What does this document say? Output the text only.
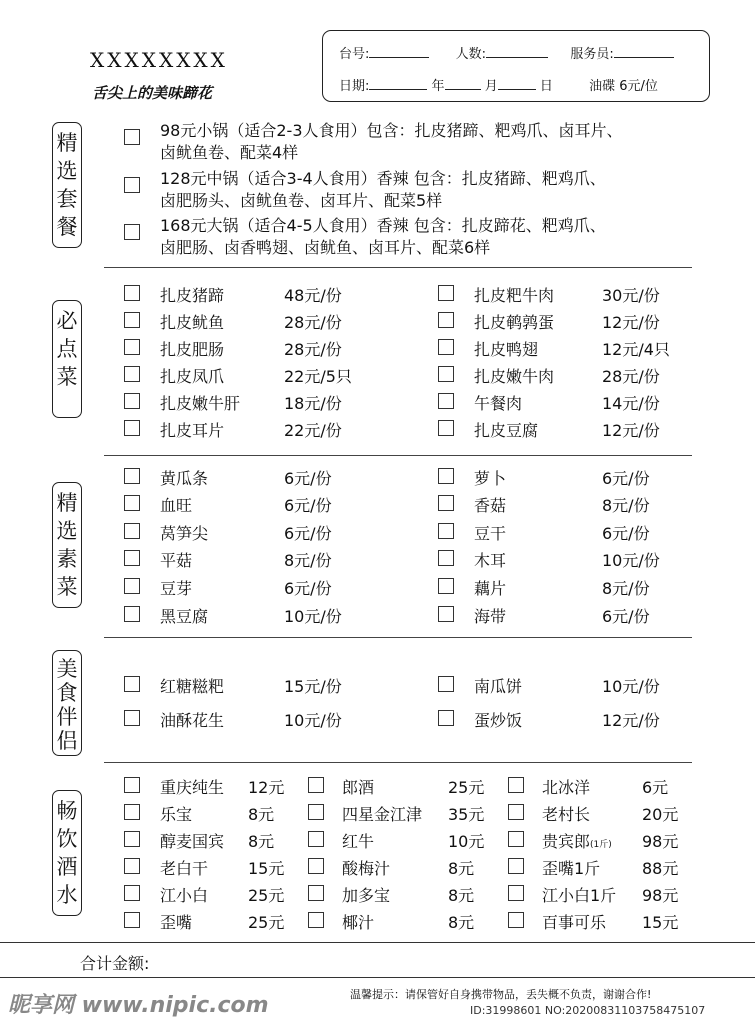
XXXXXXXX
舌尖上的美味蹄花
台号:	人数:	服务员:
日期:	年	月	日	油碟 6元/位
精选套餐
必点菜
精选素菜
美食伴侣
畅饮酒水
98元小锅（适合2-3人食用）包含：扎皮猪蹄、粑鸡爪、卤耳片、
卤鱿鱼卷、配菜4样
128元中锅（适合3-4人食用）香辣 包含：扎皮猪蹄、粑鸡爪、
卤肥肠头、卤鱿鱼卷、卤耳片、配菜5样
168元大锅（适合4-5人食用）香辣 包含：扎皮蹄花、粑鸡爪、
卤肥肠、卤香鸭翅、卤鱿鱼、卤耳片、配菜6样
扎皮猪蹄	48元/份	扎皮粑牛肉	30元/份
扎皮鱿鱼	28元/份	扎皮鹌鹑蛋	12元/份
扎皮肥肠	28元/份	扎皮鸭翅	12元/4只
扎皮凤爪	22元/5只	扎皮嫩牛肉	28元/份
扎皮嫩牛肝	18元/份	午餐肉	14元/份
扎皮耳片	22元/份	扎皮豆腐	12元/份
黄瓜条	6元/份	萝卜	6元/份
血旺	6元/份	香菇	8元/份
莴笋尖	6元/份	豆干	6元/份
平菇	8元/份	木耳	10元/份
豆芽	6元/份	藕片	8元/份
黑豆腐	10元/份	海带	6元/份
红糖糍粑	15元/份	南瓜饼	10元/份
油酥花生	10元/份	蛋炒饭	12元/份
重庆纯生 12元	郎酒	25元	北冰洋	6元
乐宝	8元	四星金江津 35元	老村长	20元
醇麦国宾 8元	红牛	10元	贵宾郎(1斤) 98元
老白干 15元	酸梅汁	8元	歪嘴1斤	88元
江小白 25元	加多宝	8元	江小白1斤 98元
歪嘴	25元	椰汁	8元	百事可乐 15元
合计金额:
温馨提示：请保管好自身携带物品，丢失概不负责，谢谢合作!
昵享网 www.nipic.com	ID:31998601 NO:20200831103758475107
